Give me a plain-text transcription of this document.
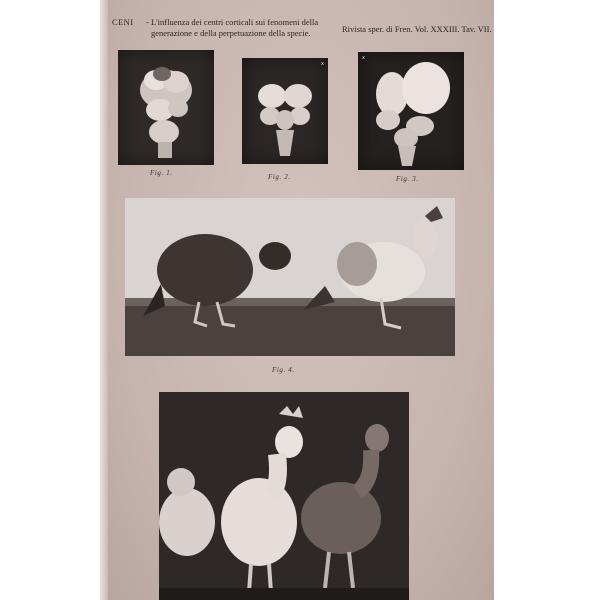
CENI - L'influenza dei centri corticali sui fenomeni della
generazione e della perpetuazione della specie.	Rivista sper. di Fren. Vol. XXXIII. Tav. VII.
Fig. 1.
x
Fig. 2.
x
Fig. 3.
Fig. 4.
